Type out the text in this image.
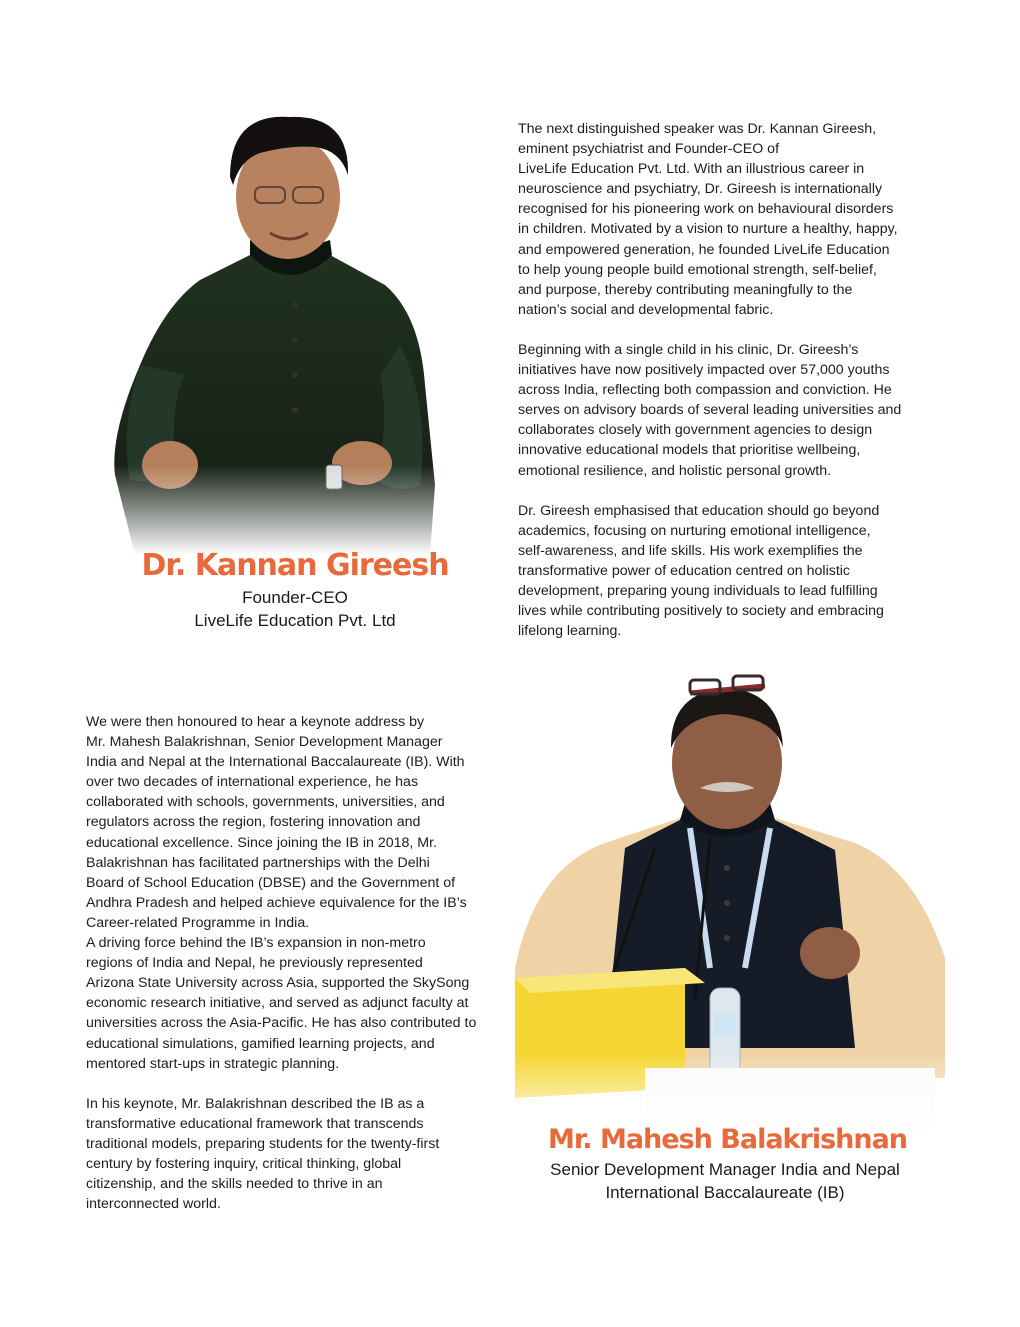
Dr. Kannan Gireesh
Founder-CEO
LiveLife Education Pvt. Ltd

The next distinguished speaker was Dr. Kannan Gireesh,
eminent psychiatrist and Founder-CEO of
LiveLife Education Pvt. Ltd. With an illustrious career in
neuroscience and psychiatry, Dr. Gireesh is internationally
recognised for his pioneering work on behavioural disorders
in children. Motivated by a vision to nurture a healthy, happy,
and empowered generation, he founded LiveLife Education
to help young people build emotional strength, self-belief,
and purpose, thereby contributing meaningfully to the
nation’s social and developmental fabric.

Beginning with a single child in his clinic, Dr. Gireesh’s
initiatives have now positively impacted over 57,000 youths
across India, reflecting both compassion and conviction. He
serves on advisory boards of several leading universities and
collaborates closely with government agencies to design
innovative educational models that prioritise wellbeing,
emotional resilience, and holistic personal growth.

Dr. Gireesh emphasised that education should go beyond
academics, focusing on nurturing emotional intelligence,
self-awareness, and life skills. His work exemplifies the
transformative power of education centred on holistic
development, preparing young individuals to lead fulfilling
lives while contributing positively to society and embracing
lifelong learning.

Mr. Mahesh Balakrishnan
Senior Development Manager India and Nepal
International Baccalaureate (IB)

We were then honoured to hear a keynote address by
Mr. Mahesh Balakrishnan, Senior Development Manager
India and Nepal at the International Baccalaureate (IB). With
over two decades of international experience, he has
collaborated with schools, governments, universities, and
regulators across the region, fostering innovation and
educational excellence. Since joining the IB in 2018, Mr.
Balakrishnan has facilitated partnerships with the Delhi
Board of School Education (DBSE) and the Government of
Andhra Pradesh and helped achieve equivalence for the IB’s
Career-related Programme in India.
A driving force behind the IB’s expansion in non-metro
regions of India and Nepal, he previously represented
Arizona State University across Asia, supported the SkySong
economic research initiative, and served as adjunct faculty at
universities across the Asia-Pacific. He has also contributed to
educational simulations, gamified learning projects, and
mentored start-ups in strategic planning.

In his keynote, Mr. Balakrishnan described the IB as a
transformative educational framework that transcends
traditional models, preparing students for the twenty-first
century by fostering inquiry, critical thinking, global
citizenship, and the skills needed to thrive in an
interconnected world.
